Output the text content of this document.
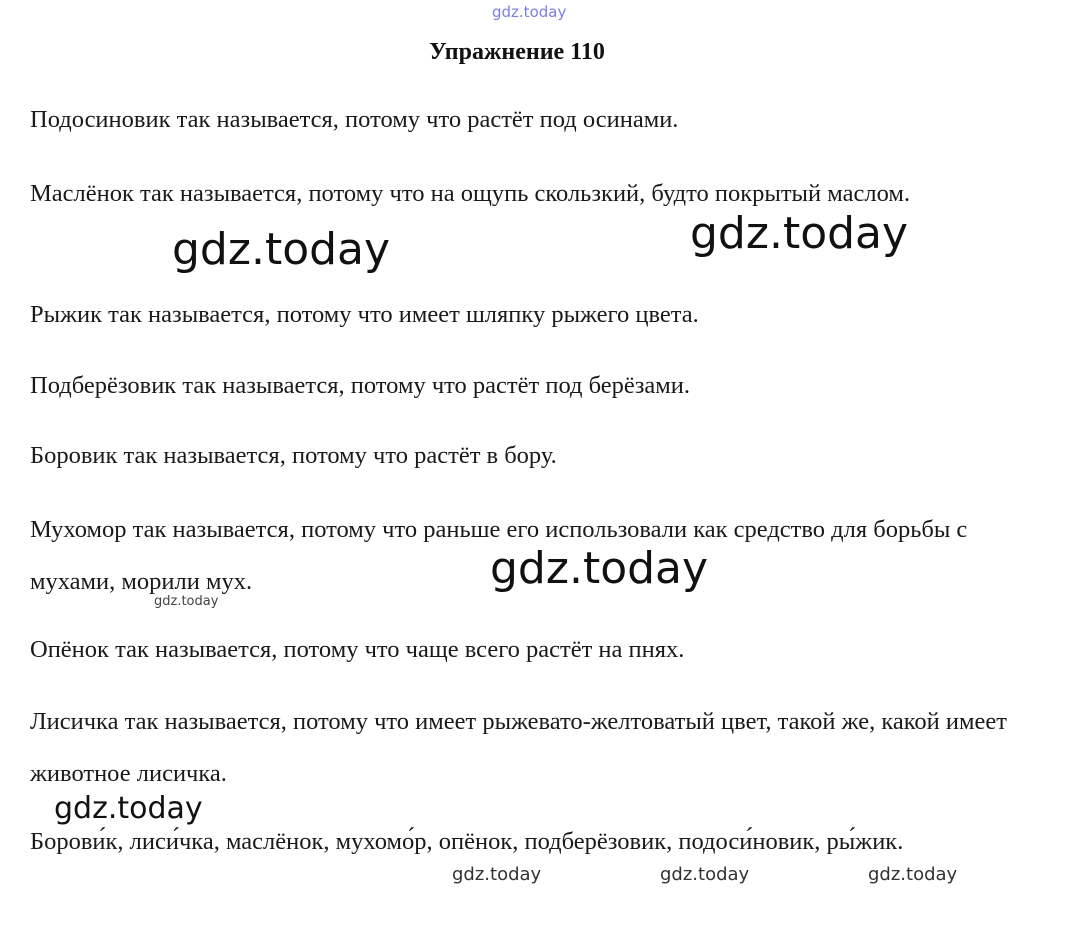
gdz.today
Упражнение 110

Подосиновик так называется, потому что растёт под осинами.

Маслёнок так называется, потому что на ощупь скользкий, будто покрытый маслом.

Рыжик так называется, потому что имеет шляпку рыжего цвета.

Подберёзовик так называется, потому что растёт под берёзами.

Боровик так называется, потому что растёт в бору.

Мухомор так называется, потому что раньше его использовали как средство для борьбы с мухами, морили мух.

Опёнок так называется, потому что чаще всего растёт на пнях.

Лисичка так называется, потому что имеет рыжевато-желтоватый цвет, такой же, какой имеет животное лисичка.

Борови́к, лиси́чка, маслёнок, мухомо́р, опёнок, подберёзовик, подоси́новик, ры́жик.

gdz.today	gdz.today
gdz.today
gdz.today
gdz.today
gdz.today	gdz.today	gdz.today
